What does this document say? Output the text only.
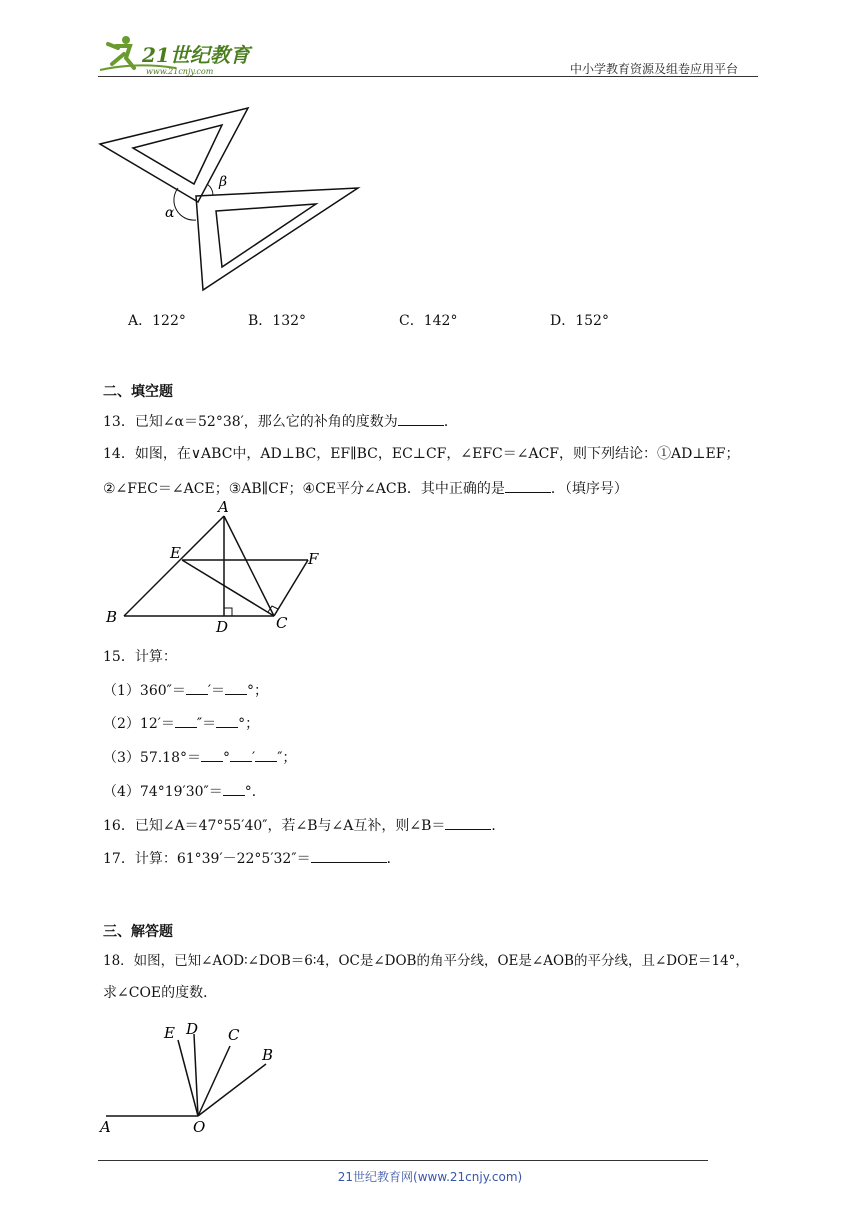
21世纪教育
www.21cnjy.com	中小学教育资源及组卷应用平台
α
β
A．122°	B．132°	C．142°	D．152°
二、填空题
13．已知∠α＝52°38′，那么它的补角的度数为	．
14．如图，在∨ABC中，AD⊥BC，EF∥BC，EC⊥CF，∠EFC＝∠ACF，则下列结论：①AD⊥EF；
②∠FEC＝∠ACE；③AB∥CF；④CE平分∠ACB．其中正确的是	．（填序号）
A
E	F
B
D	C
15．计算：
（1）360″＝ ′＝ °；
（2）12′＝ ″＝ °；
（3）57.18°＝ ° ′ ″；
（4）74°19′30″＝ °．
16．已知∠A＝47°55′40″，若∠B与∠A互补，则∠B＝	．
17．计算：61°39′－22°5′32″＝	．
三、解答题
18．如图，已知∠AOD∶∠DOB＝6∶4，OC是∠DOB的角平分线，OE是∠AOB的平分线，且∠DOE＝14°，
求∠COE的度数．
E D C
B
A	O
21世纪教育网(www.21cnjy.com)
